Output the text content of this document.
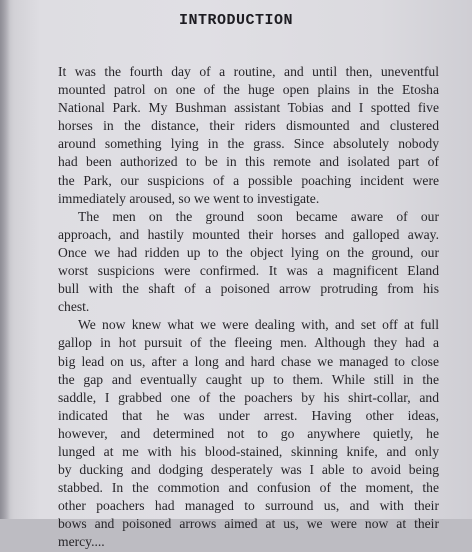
INTRODUCTION
It was the fourth day of a routine, and until then, uneventful
mounted patrol on one of the huge open plains in the Etosha
National Park. My Bushman assistant Tobias and I spotted five
horses in the distance, their riders dismounted and clustered
around something lying in the grass. Since absolutely nobody
had been authorized to be in this remote and isolated part of
the Park, our suspicions of a possible poaching incident were
immediately aroused, so we went to investigate.
The men on the ground soon became aware of our
approach, and hastily mounted their horses and galloped away.
Once we had ridden up to the object lying on the ground, our
worst suspicions were confirmed. It was a magnificent Eland
bull with the shaft of a poisoned arrow protruding from his
chest.
We now knew what we were dealing with, and set off at full
gallop in hot pursuit of the fleeing men. Although they had a
big lead on us, after a long and hard chase we managed to close
the gap and eventually caught up to them. While still in the
saddle, I grabbed one of the poachers by his shirt-collar, and
indicated that he was under arrest. Having other ideas,
however, and determined not to go anywhere quietly, he
lunged at me with his blood-stained, skinning knife, and only
by ducking and dodging desperately was I able to avoid being
stabbed. In the commotion and confusion of the moment, the
other poachers had managed to surround us, and with their
bows and poisoned arrows aimed at us, we were now at their
mercy....
